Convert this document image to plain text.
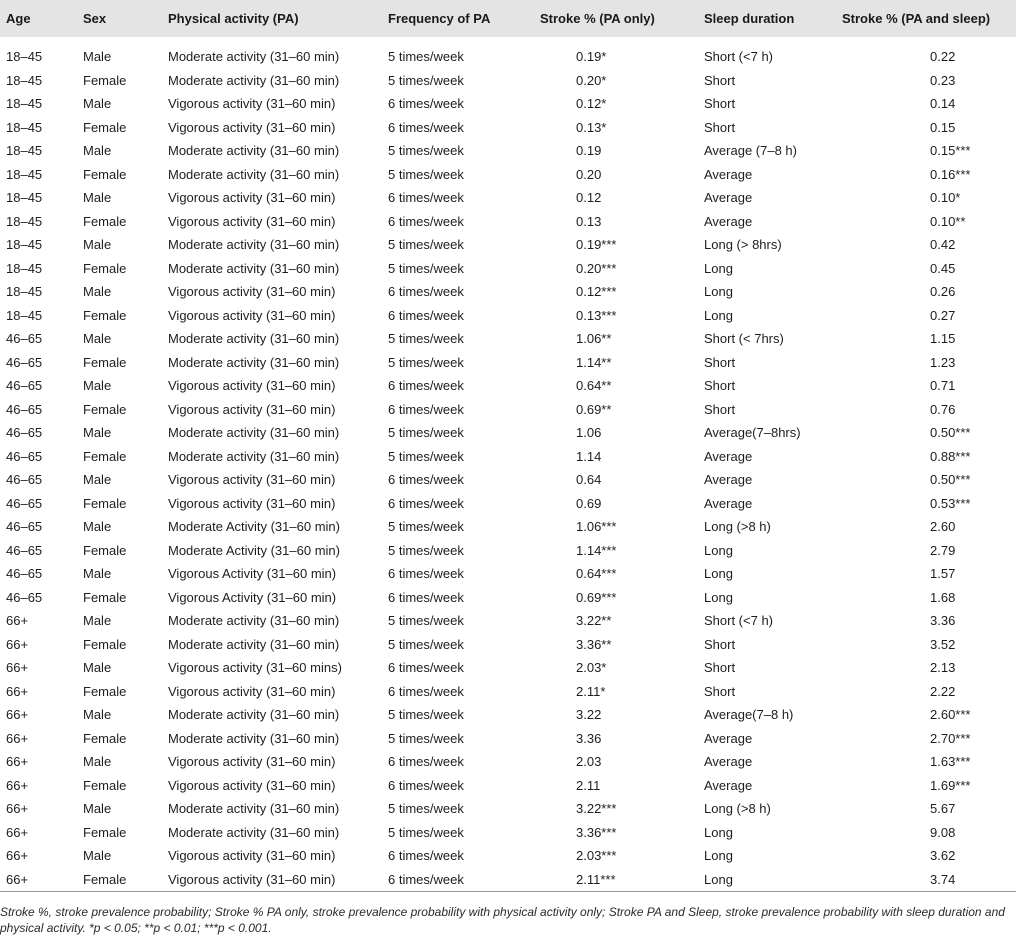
Age	Sex	Physical activity (PA)	Frequency of PA	Stroke % (PA only)	Sleep duration	Stroke % (PA and sleep)
18–45	Male	Moderate activity (31–60 min)	5 times/week	0.19*	Short (<7 h)	0.22
18–45	Female	Moderate activity (31–60 min)	5 times/week	0.20*	Short	0.23
18–45	Male	Vigorous activity (31–60 min)	6 times/week	0.12*	Short	0.14
18–45	Female	Vigorous activity (31–60 min)	6 times/week	0.13*	Short	0.15
18–45	Male	Moderate activity (31–60 min)	5 times/week	0.19	Average (7–8 h)	0.15***
18–45	Female	Moderate activity (31–60 min)	5 times/week	0.20	Average	0.16***
18–45	Male	Vigorous activity (31–60 min)	6 times/week	0.12	Average	0.10*
18–45	Female	Vigorous activity (31–60 min)	6 times/week	0.13	Average	0.10**
18–45	Male	Moderate activity (31–60 min)	5 times/week	0.19***	Long (> 8hrs)	0.42
18–45	Female	Moderate activity (31–60 min)	5 times/week	0.20***	Long	0.45
18–45	Male	Vigorous activity (31–60 min)	6 times/week	0.12***	Long	0.26
18–45	Female	Vigorous activity (31–60 min)	6 times/week	0.13***	Long	0.27
46–65	Male	Moderate activity (31–60 min)	5 times/week	1.06**	Short (< 7hrs)	1.15
46–65	Female	Moderate activity (31–60 min)	5 times/week	1.14**	Short	1.23
46–65	Male	Vigorous activity (31–60 min)	6 times/week	0.64**	Short	0.71
46–65	Female	Vigorous activity (31–60 min)	6 times/week	0.69**	Short	0.76
46–65	Male	Moderate activity (31–60 min)	5 times/week	1.06	Average(7–8hrs)	0.50***
46–65	Female	Moderate activity (31–60 min)	5 times/week	1.14	Average	0.88***
46–65	Male	Vigorous activity (31–60 min)	6 times/week	0.64	Average	0.50***
46–65	Female	Vigorous activity (31–60 min)	6 times/week	0.69	Average	0.53***
46–65	Male	Moderate Activity (31–60 min)	5 times/week	1.06***	Long (>8 h)	2.60
46–65	Female	Moderate Activity (31–60 min)	5 times/week	1.14***	Long	2.79
46–65	Male	Vigorous Activity (31–60 min)	6 times/week	0.64***	Long	1.57
46–65	Female	Vigorous Activity (31–60 min)	6 times/week	0.69***	Long	1.68
66+	Male	Moderate activity (31–60 min)	5 times/week	3.22**	Short (<7 h)	3.36
66+	Female	Moderate activity (31–60 min)	5 times/week	3.36**	Short	3.52
66+	Male	Vigorous activity (31–60 mins)	6 times/week	2.03*	Short	2.13
66+	Female	Vigorous activity (31–60 min)	6 times/week	2.11*	Short	2.22
66+	Male	Moderate activity (31–60 min)	5 times/week	3.22	Average(7–8 h)	2.60***
66+	Female	Moderate activity (31–60 min)	5 times/week	3.36	Average	2.70***
66+	Male	Vigorous activity (31–60 min)	6 times/week	2.03	Average	1.63***
66+	Female	Vigorous activity (31–60 min)	6 times/week	2.11	Average	1.69***
66+	Male	Moderate activity (31–60 min)	5 times/week	3.22***	Long (>8 h)	5.67
66+	Female	Moderate activity (31–60 min)	5 times/week	3.36***	Long	9.08
66+	Male	Vigorous activity (31–60 min)	6 times/week	2.03***	Long	3.62
66+	Female	Vigorous activity (31–60 min)	6 times/week	2.11***	Long	3.74
Stroke %, stroke prevalence probability; Stroke % PA only, stroke prevalence probability with physical activity only; Stroke PA and Sleep, stroke prevalence probability with sleep duration and physical activity. *p < 0.05; **p < 0.01; ***p < 0.001.
